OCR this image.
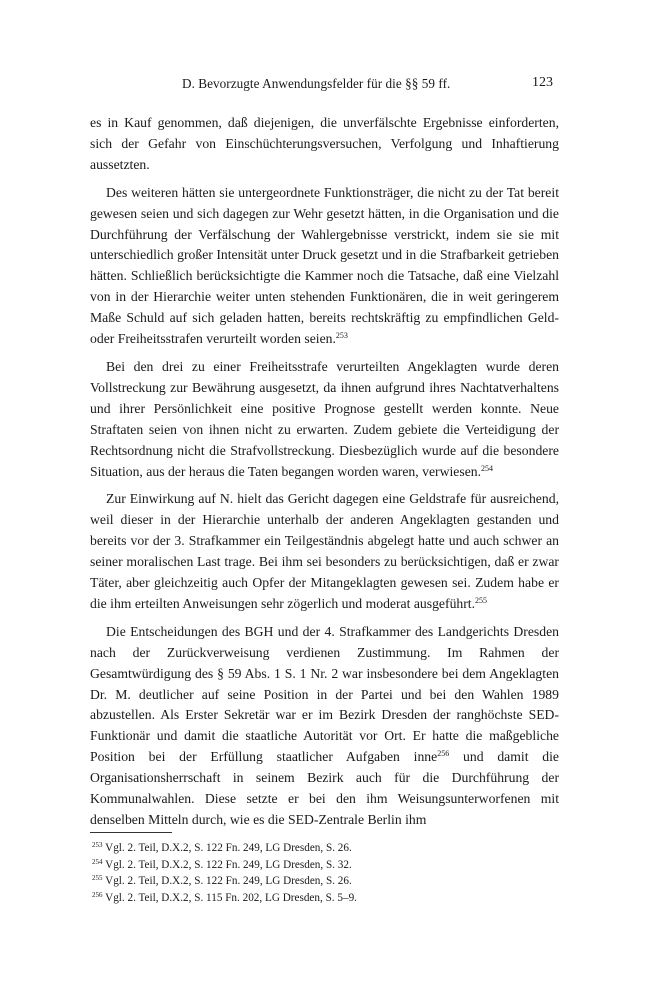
D. Bevorzugte Anwendungsfelder für die §§ 59 ff.	123

es in Kauf genommen, daß diejenigen, die unverfälschte Ergebnisse einforderten, sich der Gefahr von Einschüchterungsversuchen, Verfolgung und Inhaftierung aussetzten.

Des weiteren hätten sie untergeordnete Funktionsträger, die nicht zu der Tat bereit gewesen seien und sich dagegen zur Wehr gesetzt hätten, in die Organisation und die Durchführung der Verfälschung der Wahlergebnisse verstrickt, indem sie sie mit unterschiedlich großer Intensität unter Druck gesetzt und in die Strafbarkeit getrieben hätten. Schließlich berücksichtigte die Kammer noch die Tatsache, daß eine Vielzahl von in der Hierarchie weiter unten stehenden Funktionären, die in weit geringerem Maße Schuld auf sich geladen hatten, bereits rechtskräftig zu empfindlichen Geld- oder Freiheitsstrafen verurteilt worden seien.$^{253}$

Bei den drei zu einer Freiheitsstrafe verurteilten Angeklagten wurde deren Vollstreckung zur Bewährung ausgesetzt, da ihnen aufgrund ihres Nachtatverhaltens und ihrer Persönlichkeit eine positive Prognose gestellt werden konnte. Neue Straftaten seien von ihnen nicht zu erwarten. Zudem gebiete die Verteidigung der Rechtsordnung nicht die Strafvollstreckung. Diesbezüglich wurde auf die besondere Situation, aus der heraus die Taten begangen worden waren, verwiesen.$^{254}$

Zur Einwirkung auf N. hielt das Gericht dagegen eine Geldstrafe für ausreichend, weil dieser in der Hierarchie unterhalb der anderen Angeklagten gestanden und bereits vor der 3. Strafkammer ein Teilgeständnis abgelegt hatte und auch schwer an seiner moralischen Last trage. Bei ihm sei besonders zu berücksichtigen, daß er zwar Täter, aber gleichzeitig auch Opfer der Mitangeklagten gewesen sei. Zudem habe er die ihm erteilten Anweisungen sehr zögerlich und moderat ausgeführt.$^{255}$

Die Entscheidungen des BGH und der 4. Strafkammer des Landgerichts Dresden nach der Zurückverweisung verdienen Zustimmung. Im Rahmen der Gesamtwürdigung des § 59 Abs. 1 S. 1 Nr. 2 war insbesondere bei dem Angeklagten Dr. M. deutlicher auf seine Position in der Partei und bei den Wahlen 1989 abzustellen. Als Erster Sekretär war er im Bezirk Dresden der ranghöchste SED-Funktionär und damit die staatliche Autorität vor Ort. Er hatte die maßgebliche Position bei der Erfüllung staatlicher Aufgaben inne$^{256}$ und damit die Organisationsherrschaft in seinem Bezirk auch für die Durchführung der Kommunalwahlen. Diese setzte er bei den ihm Weisungsunterworfenen mit denselben Mitteln durch, wie es die SED-Zentrale Berlin ihm

$^{253}$ Vgl. 2. Teil, D.X.2, S. 122 Fn. 249, LG Dresden, S. 26.
$^{254}$ Vgl. 2. Teil, D.X.2, S. 122 Fn. 249, LG Dresden, S. 32.
$^{255}$ Vgl. 2. Teil, D.X.2, S. 122 Fn. 249, LG Dresden, S. 26.
$^{256}$ Vgl. 2. Teil, D.X.2, S. 115 Fn. 202, LG Dresden, S. 5–9.
